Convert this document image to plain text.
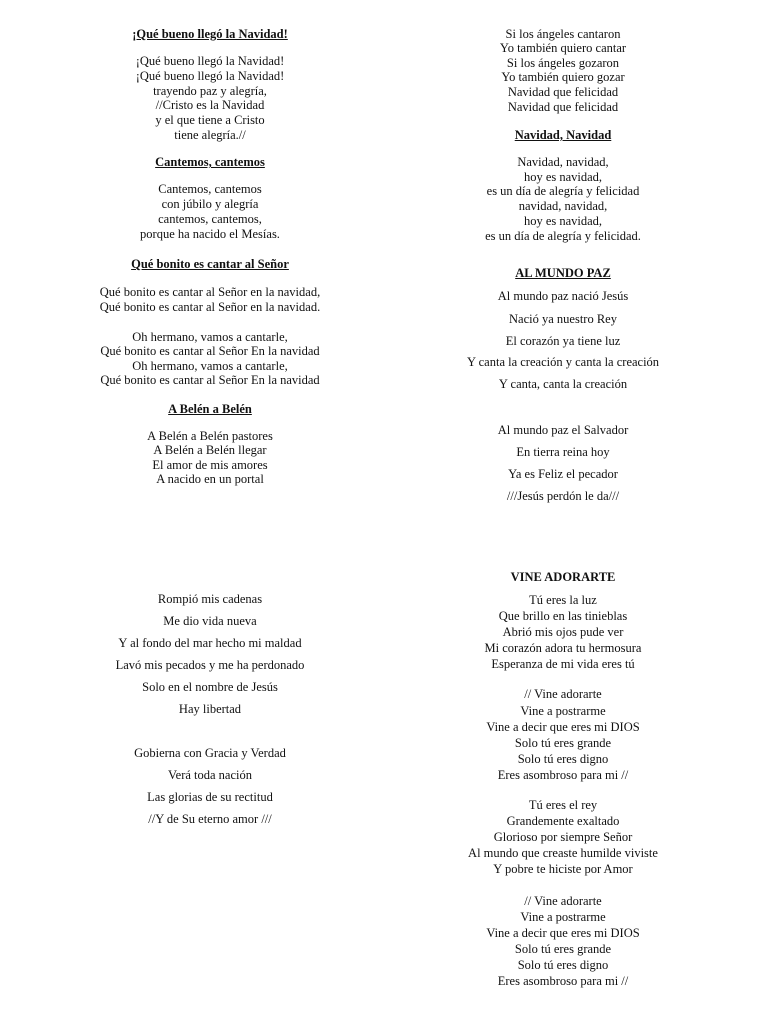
¡Qué bueno llegó la Navidad!
¡Qué bueno llegó la Navidad!
¡Qué bueno llegó la Navidad!
trayendo paz y alegría,
//Cristo es la Navidad
y el que tiene a Cristo
tiene alegría.//
Cantemos, cantemos
Cantemos, cantemos
con júbilo y alegría
cantemos, cantemos,
porque ha nacido el Mesías.
Qué bonito es cantar al Señor
Qué bonito es cantar al Señor en la navidad,
Qué bonito es cantar al Señor en la navidad.
Oh hermano, vamos a cantarle,
Qué bonito es cantar al Señor En la navidad
Oh hermano, vamos a cantarle,
Qué bonito es cantar al Señor En la navidad
A Belén a Belén
A Belén a Belén pastores
A Belén a Belén llegar
El amor de mis amores
A nacido en un portal
Si los ángeles cantaron
Yo también quiero cantar
Si los ángeles gozaron
Yo también quiero gozar
Navidad que felicidad
Navidad que felicidad
Navidad, Navidad
Navidad, navidad,
hoy es navidad,
es un día de alegría y felicidad
navidad, navidad,
hoy es navidad,
es un día de alegría y felicidad.
AL MUNDO PAZ
Al mundo paz nació Jesús
Nació ya nuestro Rey
El corazón ya tiene luz
Y canta la creación y canta la creación
Y canta, canta la creación
Al mundo paz el Salvador
En tierra reina hoy
Ya es Feliz el pecador
///Jesús perdón le da///
Rompió mis cadenas
Me dio vida nueva
Y al fondo del mar hecho mi maldad
Lavó mis pecados y me ha perdonado
Solo en el nombre de Jesús
Hay libertad
Gobierna con Gracia y Verdad
Verá toda nación
Las glorias de su rectitud
//Y de Su eterno amor ///
VINE ADORARTE
Tú eres la luz
Que brillo en las tinieblas
Abrió mis ojos pude ver
Mi corazón adora tu hermosura
Esperanza de mi vida eres tú
// Vine adorarte
Vine a postrarme
Vine a decir que eres mi DIOS
Solo tú eres grande
Solo tú eres digno
Eres asombroso para mi //
Tú eres el rey
Grandemente exaltado
Glorioso por siempre Señor
Al mundo que creaste humilde viviste
Y pobre te hiciste por Amor
// Vine adorarte
Vine a postrarme
Vine a decir que eres mi DIOS
Solo tú eres grande
Solo tú eres digno
Eres asombroso para mi //
